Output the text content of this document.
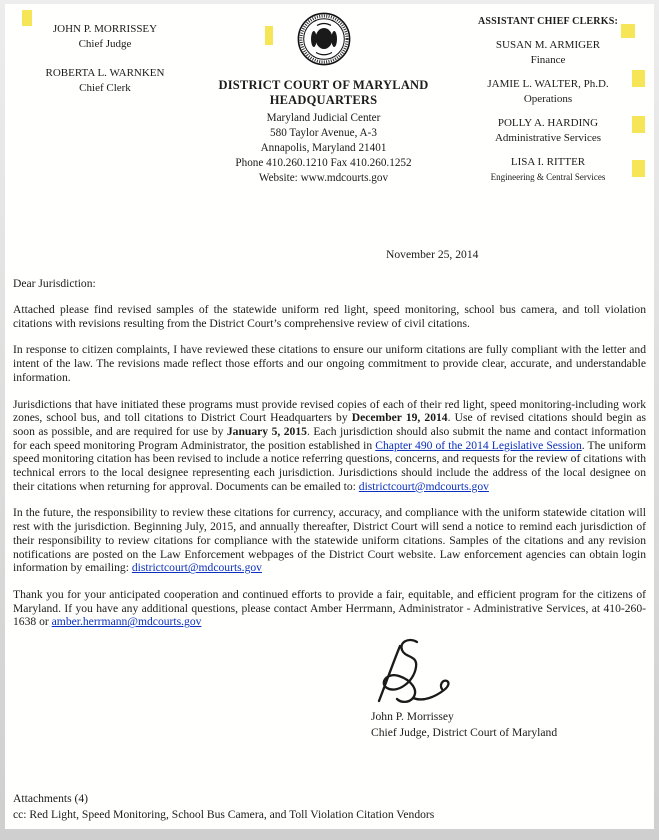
JOHN P. MORRISSEY
Chief Judge
ROBERTA L. WARNKEN
Chief Clerk	DISTRICT COURT OF MARYLAND
HEADQUARTERS
Maryland Judicial Center
580 Taylor Avenue, A-3
Annapolis, Maryland 21401
Phone 410.260.1210 Fax 410.260.1252
Website: www.mdcourts.gov
ASSISTANT CHIEF CLERKS:
SUSAN M. ARMIGER
Finance
JAMIE L. WALTER, Ph.D.
Operations
POLLY A. HARDING
Administrative Services
LISA I. RITTER
Engineering & Central Services
November 25, 2014
Dear Jurisdiction:

Attached please find revised samples of the statewide uniform red light, speed monitoring, school bus camera, and toll violation citations with revisions resulting from the District Court’s comprehensive review of civil citations.

In response to citizen complaints, I have reviewed these citations to ensure our uniform citations are fully compliant with the letter and intent of the law. The revisions made reflect those efforts and our ongoing commitment to provide clear, accurate, and understandable information.

Jurisdictions that have initiated these programs must provide revised copies of each of their red light, speed monitoring-including work zones, school bus, and toll citations to District Court Headquarters by December 19, 2014. Use of revised citations should begin as soon as possible, and are required for use by January 5, 2015. Each jurisdiction should also submit the name and contact information for each speed monitoring Program Administrator, the position established in Chapter 490 of the 2014 Legislative Session. The uniform speed monitoring citation has been revised to include a notice referring questions, concerns, and requests for the review of citations with technical errors to the local designee representing each jurisdiction. Jurisdictions should include the address of the local designee on their citations when returning for approval. Documents can be emailed to: districtcourt@mdcourts.gov

In the future, the responsibility to review these citations for currency, accuracy, and compliance with the uniform statewide citation will rest with the jurisdiction. Beginning July, 2015, and annually thereafter, District Court will send a notice to remind each jurisdiction of their responsibility to review citations for compliance with the statewide uniform citations. Samples of the citations and any revision notifications are posted on the Law Enforcement webpages of the District Court website. Law enforcement agencies can obtain login information by emailing: districtcourt@mdcourts.gov

Thank you for your anticipated cooperation and continued efforts to provide a fair, equitable, and efficient program for the citizens of Maryland. If you have any additional questions, please contact Amber Herrmann, Administrator - Administrative Services, at 410-260-1638 or amber.herrmann@mdcourts.gov

John P. Morrissey
Chief Judge, District Court of Maryland
Attachments (4)
cc: Red Light, Speed Monitoring, School Bus Camera, and Toll Violation Citation Vendors
